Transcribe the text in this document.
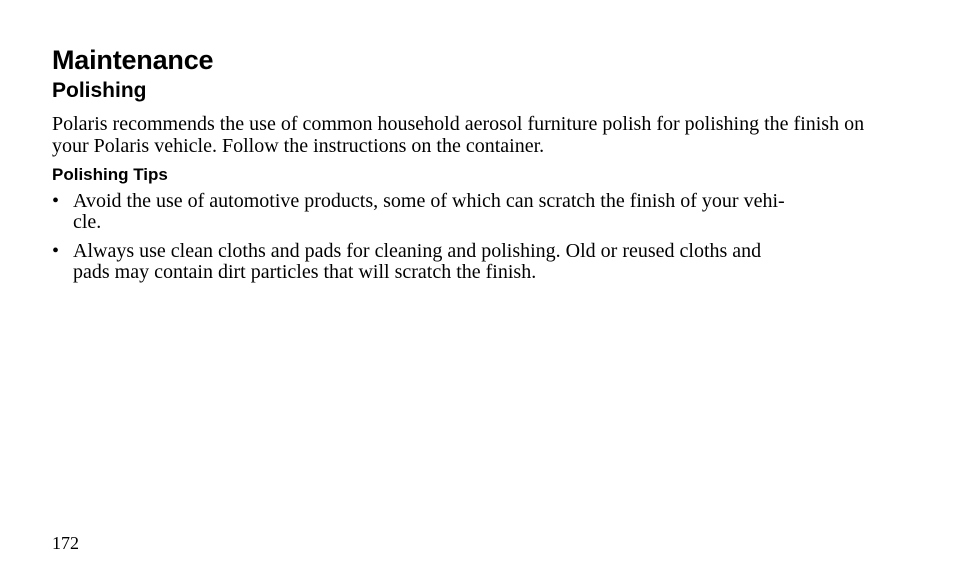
Maintenance
Polishing

Polaris recommends the use of common household aerosol furniture polish for polishing the finish on your Polaris vehicle. Follow the instructions on the container.

Polishing Tips
• Avoid the use of automotive products, some of which can scratch the finish of your vehi-
cle.
• Always use clean cloths and pads for cleaning and polishing. Old or reused cloths and
pads may contain dirt particles that will scratch the finish.
172
